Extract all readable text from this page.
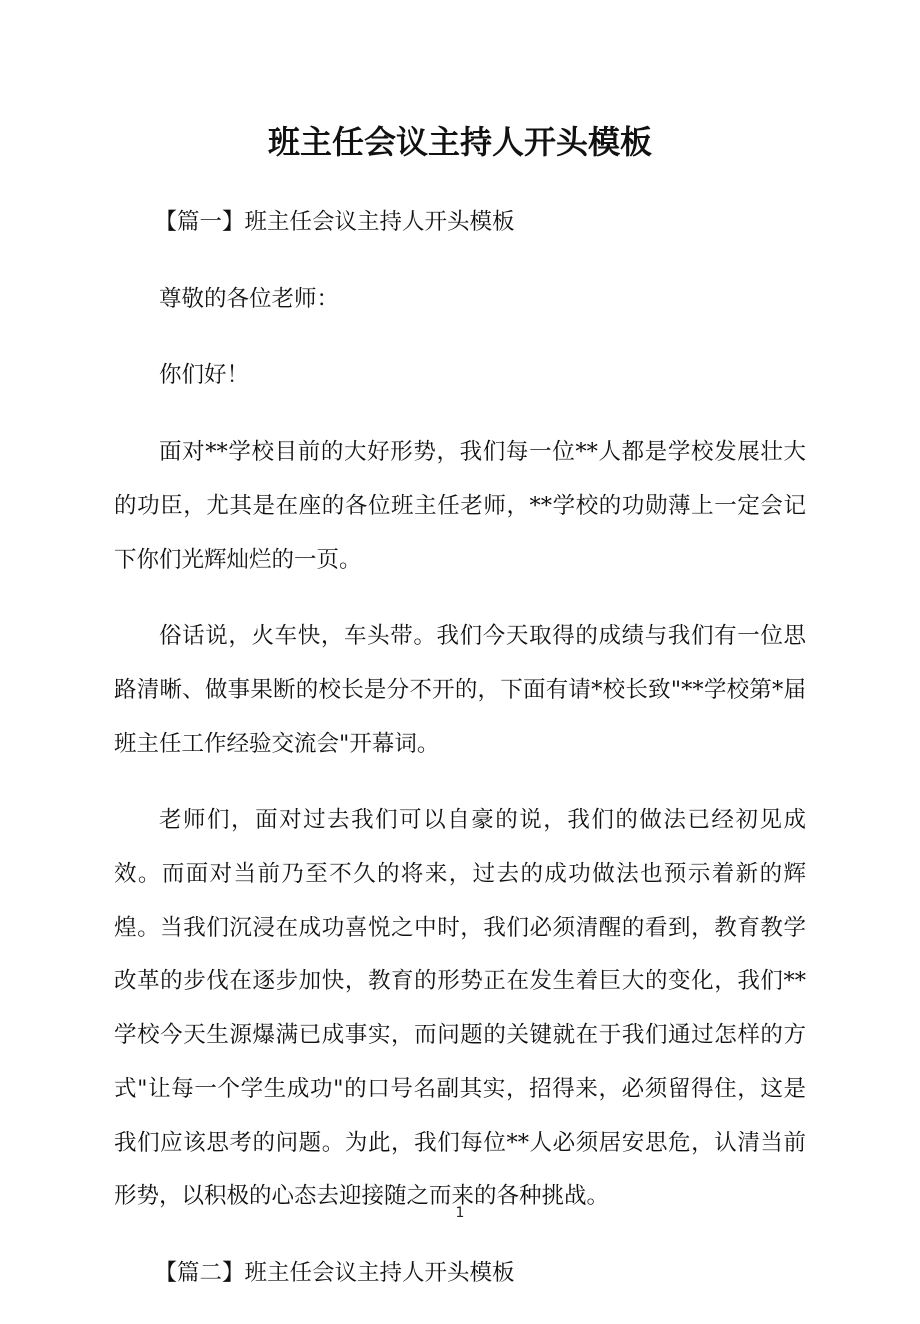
班主任会议主持人开头模板

【篇一】班主任会议主持人开头模板

尊敬的各位老师：

你们好！

面对**学校目前的大好形势，我们每一位**人都是学校发展壮大的功臣，尤其是在座的各位班主任老师，**学校的功勋薄上一定会记下你们光辉灿烂的一页。

俗话说，火车快，车头带。我们今天取得的成绩与我们有一位思路清晰、做事果断的校长是分不开的，下面有请*校长致"**学校第*届班主任工作经验交流会"开幕词。

老师们，面对过去我们可以自豪的说，我们的做法已经初见成效。而面对当前乃至不久的将来，过去的成功做法也预示着新的辉煌。当我们沉浸在成功喜悦之中时，我们必须清醒的看到，教育教学改革的步伐在逐步加快，教育的形势正在发生着巨大的变化，我们**学校今天生源爆满已成事实，而问题的关键就在于我们通过怎样的方式"让每一个学生成功"的口号名副其实，招得来，必须留得住，这是我们应该思考的问题。为此，我们每位**人必须居安思危，认清当前形势，以积极的心态去迎接随之而来的各种挑战。

【篇二】班主任会议主持人开头模板

1
